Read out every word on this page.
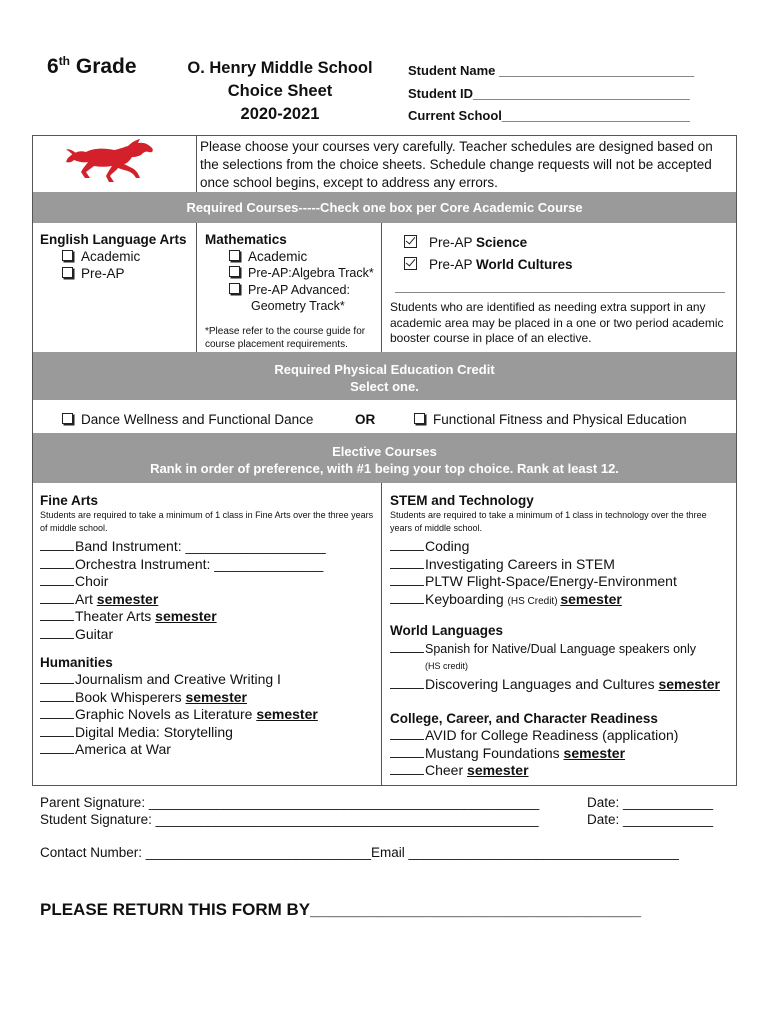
6th Grade	O. Henry Middle School
Choice Sheet
2020-2021
Student Name ___________________________
Student ID______________________________
Current School__________________________
Please choose your courses very carefully. Teacher schedules are designed based on the selections from the choice sheets. Schedule change requests will not be accepted once school begins, except to address any errors.
Required Courses-----Check one box per Core Academic Course
English Language Arts
Academic
Pre-AP
Mathematics
Academic
Pre-AP:Algebra Track*
Pre-AP Advanced:
Geometry Track*
*Please refer to the course guide for course placement requirements.
Pre-AP Science
Pre-AP World Cultures
Students who are identified as needing extra support in any academic area may be placed in a one or two period academic booster course in place of an elective.
Required Physical Education Credit
Select one.
Dance Wellness and Functional Dance	OR	Functional Fitness and Physical Education
Elective Courses
Rank in order of preference, with #1 being your top choice. Rank at least 12.
Fine Arts
Students are required to take a minimum of 1 class in Fine Arts over the three years of middle school.
Band Instrument: __________________
Orchestra Instrument: ______________
Choir
Art semester
Theater Arts semester
Guitar
Humanities
Journalism and Creative Writing I
Book Whisperers semester
Graphic Novels as Literature semester
Digital Media: Storytelling
America at War
STEM and Technology
Students are required to take a minimum of 1 class in technology over the three years of middle school.
Coding
Investigating Careers in STEM
PLTW Flight-Space/Energy-Environment
Keyboarding (HS Credit) semester
World Languages
Spanish for Native/Dual Language speakers only
(HS credit)
Discovering Languages and Cultures semester
College, Career, and Character Readiness
AVID for College Readiness (application)
Mustang Foundations semester
Cheer semester
Parent Signature: ____________________________________________________	Date: ____________
Student Signature: ___________________________________________________	Date: ____________
Contact Number: ______________________________Email ____________________________________
PLEASE RETURN THIS FORM BY___________________________________
